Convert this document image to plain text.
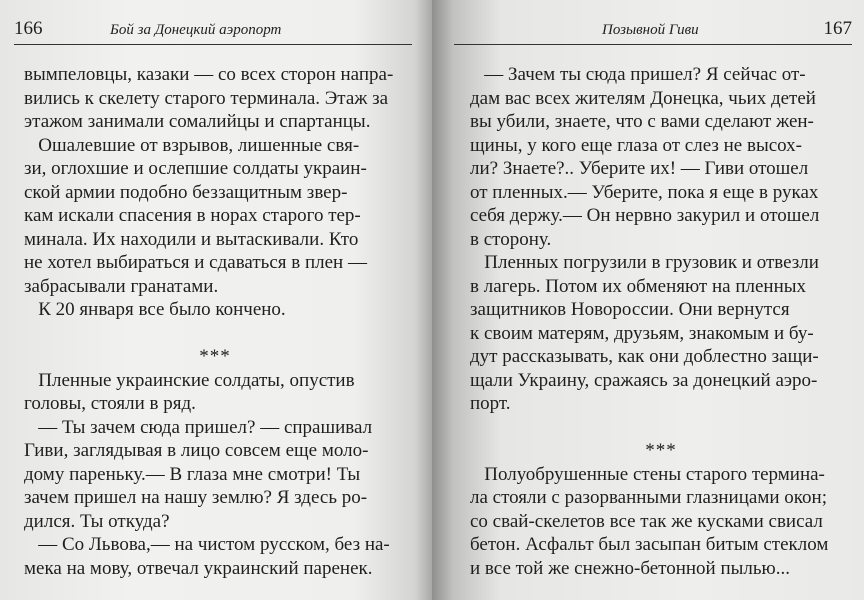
166	Бой за Донецкий аэропорт
вымпеловцы, казаки — со всех сторон напра-
вились к скелету старого терминала. Этаж за
этажом занимали сомалийцы и спартанцы.
Ошалевшие от взрывов, лишенные свя-
зи, оглохшие и ослепшие солдаты украин-
ской армии подобно беззащитным звер-
кам искали спасения в норах старого тер-
минала. Их находили и вытаскивали. Кто
не хотел выбираться и сдаваться в плен —
забрасывали гранатами.
К 20 января все было кончено.
***
Пленные украинские солдаты, опустив
головы, стояли в ряд.
— Ты зачем сюда пришел? — спрашивал
Гиви, заглядывая в лицо совсем еще моло-
дому пареньку.— В глаза мне смотри! Ты
зачем пришел на нашу землю? Я здесь ро-
дился. Ты откуда?
— Со Львова,— на чистом русском, без на-
мека на мову, отвечал украинский паренек.
Позывной Гиви	167
— Зачем ты сюда пришел? Я сейчас от-
дам вас всех жителям Донецка, чьих детей
вы убили, знаете, что с вами сделают жен-
щины, у кого еще глаза от слез не высох-
ли? Знаете?.. Уберите их! — Гиви отошел
от пленных.— Уберите, пока я еще в руках
себя держу.— Он нервно закурил и отошел
в сторону.
Пленных погрузили в грузовик и отвезли
в лагерь. Потом их обменяют на пленных
защитников Новороссии. Они вернутся
к своим матерям, друзьям, знакомым и бу-
дут рассказывать, как они доблестно защи-
щали Украину, сражаясь за донецкий аэро-
порт.
***
Полуобрушенные стены старого термина-
ла стояли с разорванными глазницами окон;
со свай-скелетов все так же кусками свисал
бетон. Асфальт был засыпан битым стеклом
и все той же снежно-бетонной пылью...
